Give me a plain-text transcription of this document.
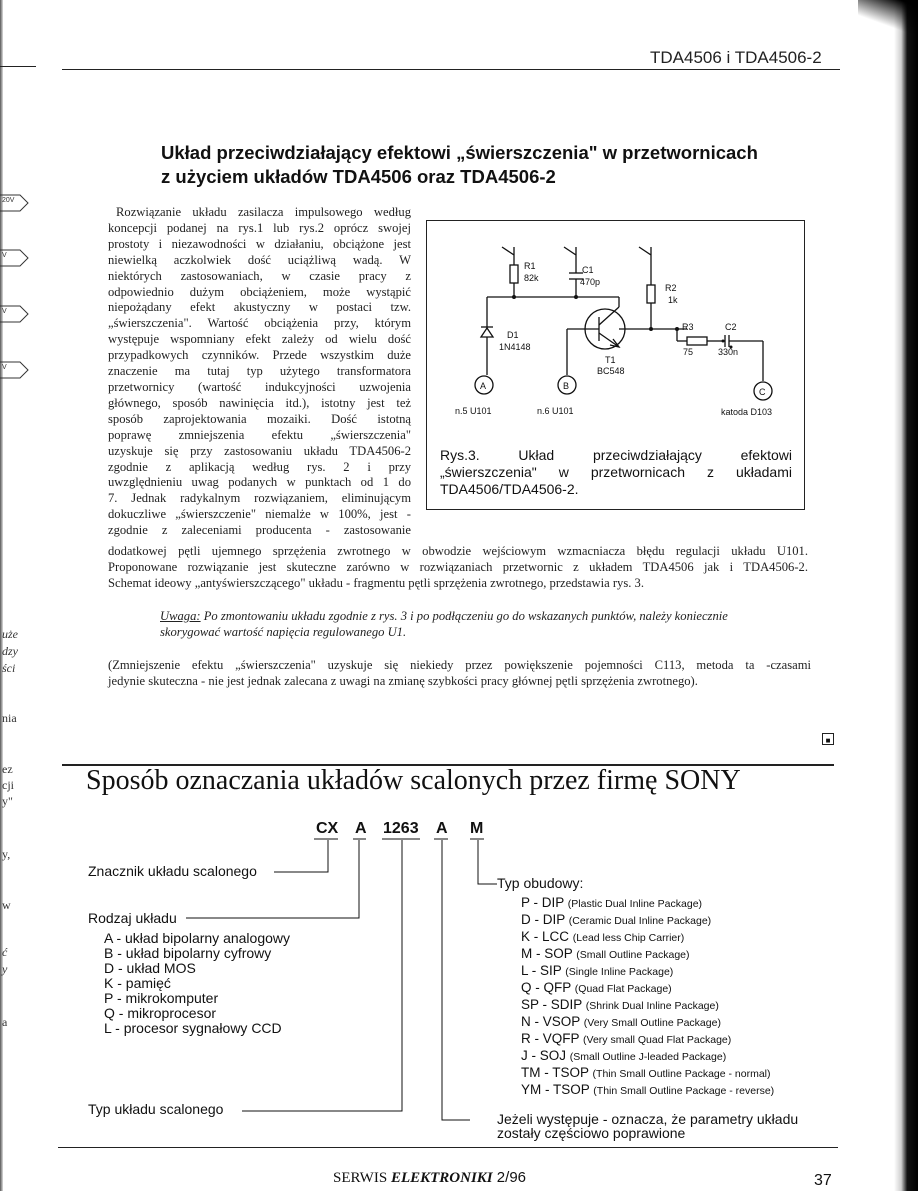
20V
V
V
V
uże
dzy
ści
nia
ez
cji
y"
y,
w
ć
y
a
TDA4506 i TDA4506-2
Układ przeciwdziałający efektowi „świerszczenia" w przetwornicach
z użyciem układów TDA4506 oraz TDA4506-2
Rozwiązanie układu zasilacza impulsowego według
koncepcji podanej na rys.1 lub rys.2 oprócz swojej
prostoty i niezawodności w działaniu, obciążone jest
niewielką aczkolwiek dość uciążliwą wadą. W
niektórych zastosowaniach, w czasie pracy z
odpowiednio dużym obciążeniem, może wystąpić
niepożądany efekt akustyczny w postaci tzw.
„świerszczenia". Wartość obciążenia przy, którym
występuje wspomniany efekt zależy od wielu dość
przypadkowych czynników. Przede wszystkim duże
znaczenie ma tutaj typ użytego transformatora
przetwornicy (wartość indukcyjności uzwojenia
głównego, sposób nawinięcia itd.), istotny jest też
sposób zaprojektowania mozaiki. Dość istotną
poprawę zmniejszenia efektu „świerszczenia"
uzyskuje się przy zastosowaniu układu TDA4506-2
zgodnie z aplikacją według rys. 2 i przy
uwzględnieniu uwag podanych w punktach od 1 do
7. Jednak radykalnym rozwiązaniem, eliminującym
dokuczliwe „świerszczenie" niemalże w 100%, jest -
zgodnie z zaleceniami producenta - zastosowanie
R1
82k
C1
470p
R2
1k
D1
1N4148
R3
75
C2
330n
T1
BC548
A	B
C
n.5 U101	n.6 U101	katoda D103
Rys.3. Układ przeciwdziałający efektowi
„świerszczenia" w przetwornicach z układami
TDA4506/TDA4506-2.
dodatkowej pętli ujemnego sprzężenia zwrotnego w obwodzie wejściowym wzmacniacza błędu regulacji układu U101.
Proponowane rozwiązanie jest skuteczne zarówno w rozwiązaniach przetwornic z układem TDA4506 jak i TDA4506-2.
Schemat ideowy „antyświerszczącego" układu - fragmentu pętli sprzężenia zwrotnego, przedstawia rys. 3.
Uwaga: Po zmontowaniu układu zgodnie z rys. 3 i po podłączeniu go do wskazanych punktów, należy koniecznie
skorygować wartość napięcia regulowanego U1.
(Zmniejszenie efektu „świerszczenia" uzyskuje się niekiedy przez powiększenie pojemności C113, metoda ta -czasami
jedynie skuteczna - nie jest jednak zalecana z uwagi na zmianę szybkości pracy głównej pętli sprzężenia zwrotnego).
■
Sposób oznaczania układów scalonych przez firmę SONY
CX A 1263 A M
Znacznik układu scalonego
Rodzaj układu
A - układ bipolarny analogowy
B - układ bipolarny cyfrowy
D - układ MOS
K - pamięć
P - mikrokomputer
Q - mikroprocesor
L - procesor sygnałowy CCD
Typ układu scalonego
Typ obudowy:
P - DIP (Plastic Dual Inline Package)
D - DIP (Ceramic Dual Inline Package)
K - LCC (Lead less Chip Carrier)
M - SOP (Small Outline Package)
L - SIP (Single Inline Package)
Q - QFP (Quad Flat Package)
SP - SDIP (Shrink Dual Inline Package)
N - VSOP (Very Small Outline Package)
R - VQFP (Very small Quad Flat Package)
J - SOJ (Small Outline J-leaded Package)
TM - TSOP (Thin Small Outline Package - normal)
YM - TSOP (Thin Small Outline Package - reverse)
Jeżeli występuje - oznacza, że parametry układu
zostały częściowo poprawione
SERWIS ELEKTRONIKI 2/96	37
